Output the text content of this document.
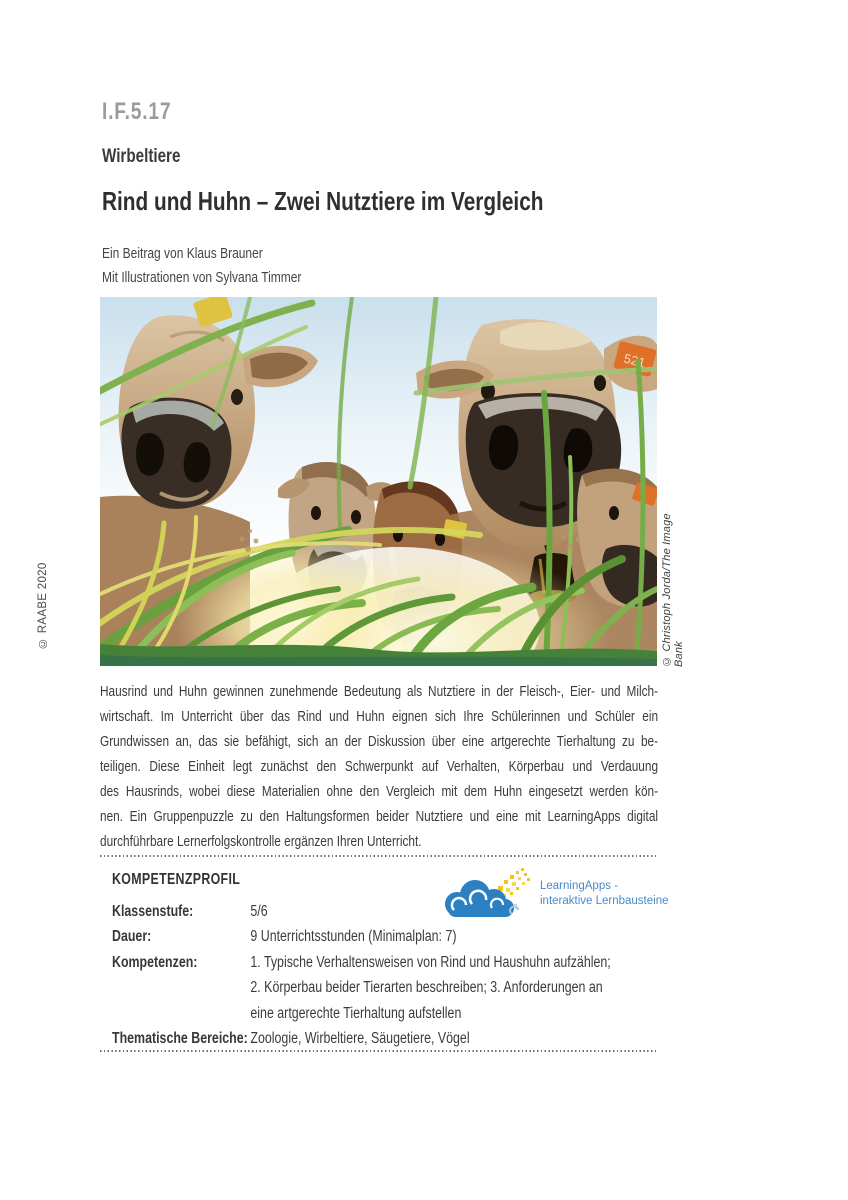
I.F.5.17
Wirbeltiere
Rind und Huhn – Zwei Nutztiere im Vergleich
Ein Beitrag von Klaus Brauner
Mit Illustrationen von Sylvana Timmer
521
© Christoph Jorda/The Image Bank
© RAABE 2020
Hausrind und Huhn gewinnen zunehmende Bedeutung als Nutztiere in der Fleisch-, Eier- und Milch-
wirtschaft. Im Unterricht über das Rind und Huhn eignen sich Ihre Schülerinnen und Schüler ein
Grundwissen an, das sie befähigt, sich an der Diskussion über eine artgerechte Tierhaltung zu be-
teiligen. Diese Einheit legt zunächst den Schwerpunkt auf Verhalten, Körperbau und Verdauung
des Hausrinds, wobei diese Materialien ohne den Vergleich mit dem Huhn eingesetzt werden kön-
nen. Ein Gruppenpuzzle zu den Haltungsformen beider Nutztiere und eine mit LearningApps digital
durchführbare Lernerfolgskontrolle ergänzen Ihren Unterricht.
KOMPETENZPROFIL	LearningApps -
interaktive Lernbausteine
Klassenstufe:	5/6
Dauer:	9 Unterrichtsstunden (Minimalplan: 7)
Kompetenzen:	1. Typische Verhaltensweisen von Rind und Haushuhn aufzählen;
2. Körperbau beider Tierarten beschreiben; 3. Anforderungen an
eine artgerechte Tierhaltung aufstellen
Thematische Bereiche: Zoologie, Wirbeltiere, Säugetiere, Vögel
